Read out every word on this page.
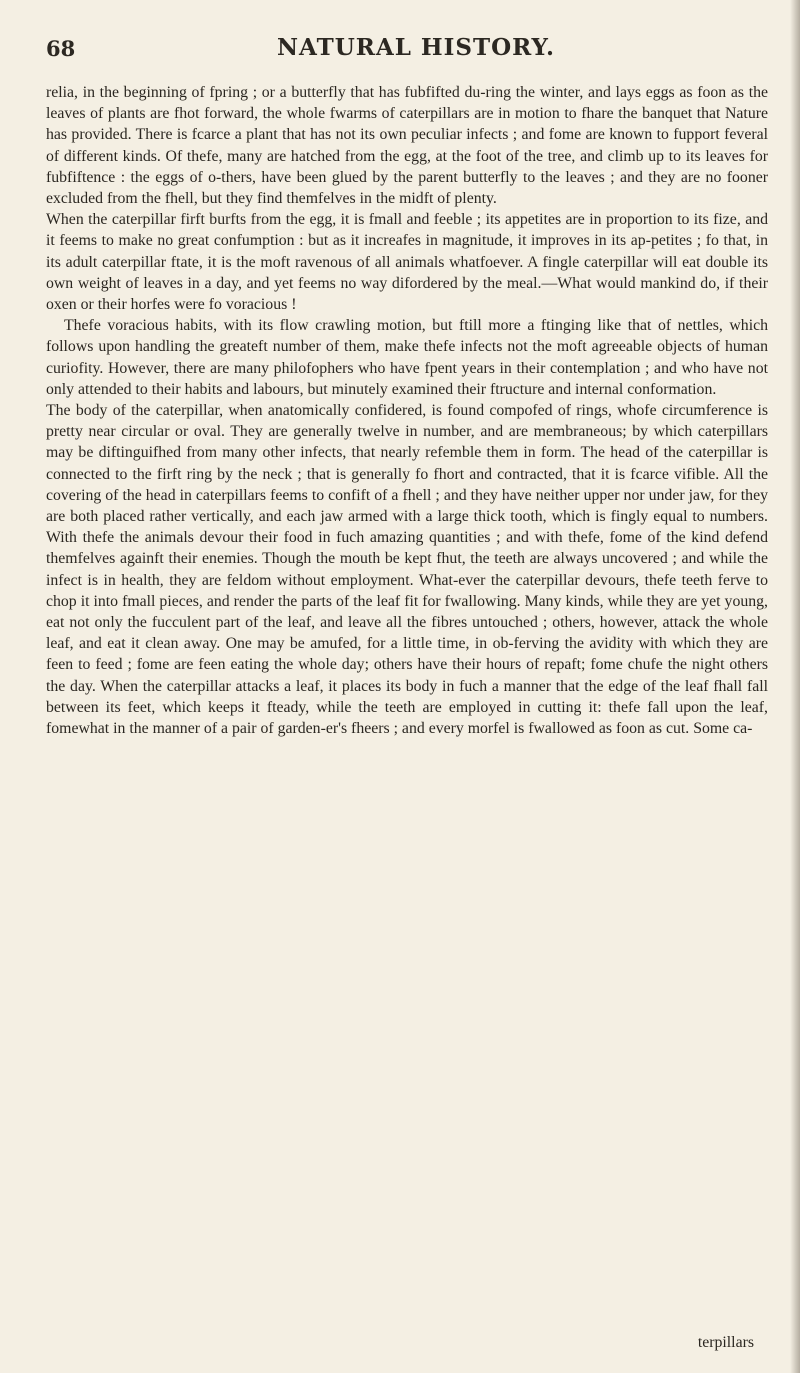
68	NATURAL HISTORY.

relia, in the beginning of fpring ; or a butterfly that has fubfifted du-ring the winter, and lays eggs as foon as the leaves of plants are fhot forward, the whole fwarms of caterpillars are in motion to fhare the banquet that Nature has provided. There is fcarce a plant that has not its own peculiar infects ; and fome are known to fupport feveral of different kinds. Of thefe, many are hatched from the egg, at the foot of the tree, and climb up to its leaves for fubfiftence : the eggs of o-thers, have been glued by the parent butterfly to the leaves ; and they are no fooner excluded from the fhell, but they find themfelves in the midft of plenty.

When the caterpillar firft burfts from the egg, it is fmall and feeble ; its appetites are in proportion to its fize, and it feems to make no great confumption : but as it increafes in magnitude, it improves in its ap-petites ; fo that, in its adult caterpillar ftate, it is the moft ravenous of all animals whatfoever. A fingle caterpillar will eat double its own weight of leaves in a day, and yet feems no way difordered by the meal.—What would mankind do, if their oxen or their horfes were fo voracious !

Thefe voracious habits, with its flow crawling motion, but ftill more a ftinging like that of nettles, which follows upon handling the greateft number of them, make thefe infects not the moft agreeable objects of human curiofity. However, there are many philofophers who have fpent years in their contemplation ; and who have not only attended to their habits and labours, but minutely examined their ftructure and internal conformation.

The body of the caterpillar, when anatomically confidered, is found compofed of rings, whofe circumference is pretty near circular or oval. They are generally twelve in number, and are membraneous; by which caterpillars may be diftinguifhed from many other infects, that nearly refemble them in form. The head of the caterpillar is connected to the firft ring by the neck ; that is generally fo fhort and contracted, that it is fcarce vifible. All the covering of the head in caterpillars feems to confift of a fhell ; and they have neither upper nor under jaw, for they are both placed rather vertically, and each jaw armed with a large thick tooth, which is fingly equal to numbers. With thefe the animals devour their food in fuch amazing quantities ; and with thefe, fome of the kind defend themfelves againft their enemies. Though the mouth be kept fhut, the teeth are always uncovered ; and while the infect is in health, they are feldom without employment. What-ever the caterpillar devours, thefe teeth ferve to chop it into fmall pieces, and render the parts of the leaf fit for fwallowing. Many kinds, while they are yet young, eat not only the fucculent part of the leaf, and leave all the fibres untouched ; others, however, attack the whole leaf, and eat it clean away. One may be amufed, for a little time, in ob-ferving the avidity with which they are feen to feed ; fome are feen eating the whole day; others have their hours of repaft; fome chufe the night others the day. When the caterpillar attacks a leaf, it places its body in fuch a manner that the edge of the leaf fhall fall between its feet, which keeps it fteady, while the teeth are employed in cutting it: thefe fall upon the leaf, fomewhat in the manner of a pair of garden-er's fheers ; and every morfel is fwallowed as foon as cut. Some ca-

terpillars
